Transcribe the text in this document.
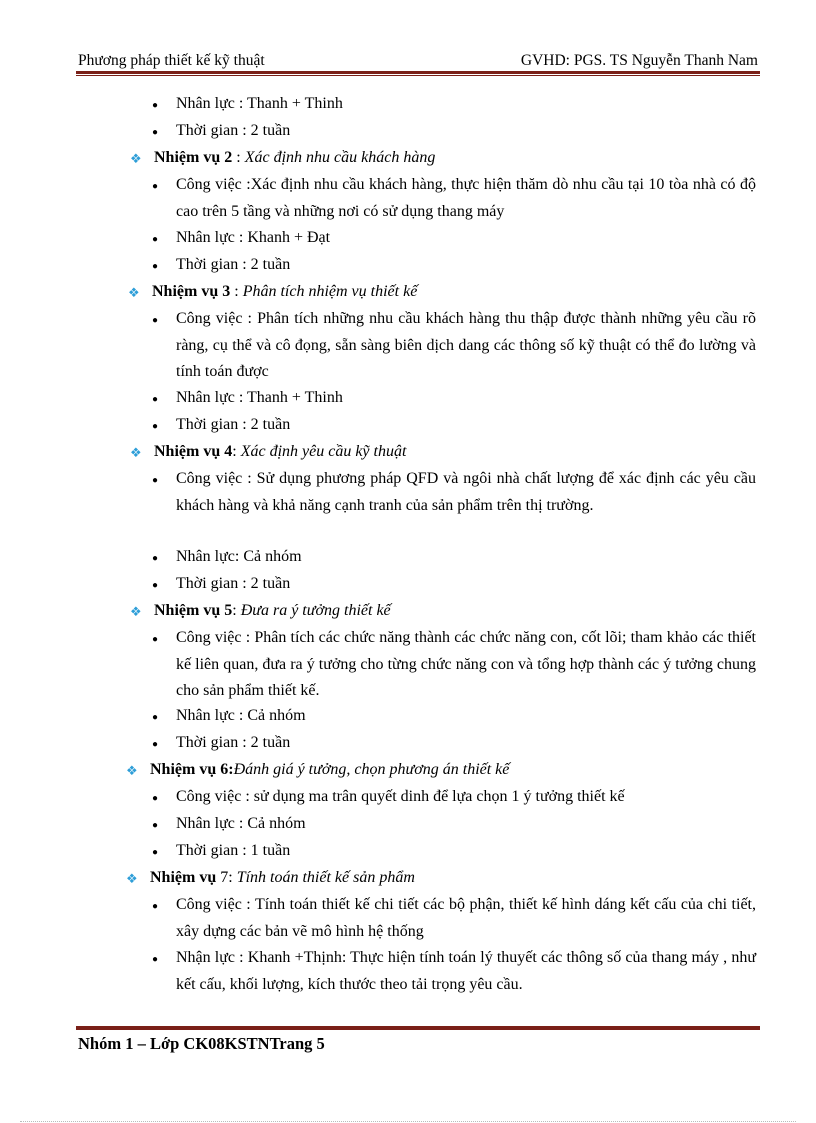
Phương pháp thiết kế kỹ thuật	GVHD: PGS. TS Nguyễn Thanh Nam
● Nhân lực : Thanh + Thinh
● Thời gian : 2 tuần
❖ Nhiệm vụ 2 : Xác định nhu cầu khách hàng
● Công việc :Xác định nhu cầu khách hàng, thực hiện thăm dò nhu cầu tại 10 tòa nhà có độ cao trên 5 tầng và những nơi có sử dụng thang máy
● Nhân lực : Khanh + Đạt
● Thời gian : 2 tuần
❖ Nhiệm vụ 3 : Phân tích nhiệm vụ thiết kế
● Công việc : Phân tích những nhu cầu khách hàng thu thập được thành những yêu cầu rõ ràng, cụ thể và cô đọng, sẵn sàng biên dịch dang các thông số kỹ thuật có thể đo lường và tính toán được
● Nhân lực : Thanh + Thinh
● Thời gian : 2 tuần
❖ Nhiệm vụ 4: Xác định yêu cầu kỹ thuật
● Công việc : Sử dụng phương pháp QFD và ngôi nhà chất lượng để xác định các yêu cầu khách hàng và khả năng cạnh tranh của sản phẩm trên thị trường.
● Nhân lực: Cả nhóm
● Thời gian : 2 tuần
❖ Nhiệm vụ 5: Đưa ra ý tưởng thiết kế
● Công việc : Phân tích các chức năng thành các chức năng con, cốt lõi; tham khảo các thiết kế liên quan, đưa ra ý tưởng cho từng chức năng con và tổng hợp thành các ý tưởng chung cho sản phẩm thiết kế.
● Nhân lực : Cả nhóm
● Thời gian : 2 tuần
❖ Nhiệm vụ 6:Đánh giá ý tưởng, chọn phương án thiết kế
● Công việc : sử dụng ma trân quyết dinh để lựa chọn 1 ý tưởng thiết kế
● Nhân lực : Cả nhóm
● Thời gian : 1 tuần
❖ Nhiệm vụ 7: Tính toán thiết kế sản phẩm
● Công việc : Tính toán thiết kế chi tiết các bộ phận, thiết kế hình dáng kết cấu của chi tiết, xây dựng các bản vẽ mô hình hệ thống
● Nhận lực : Khanh +Thịnh: Thực hiện tính toán lý thuyết các thông số của thang máy , như kết cấu, khối lượng, kích thước theo tải trọng yêu cầu.
Nhóm 1 – Lớp CK08KSTNTrang 5
